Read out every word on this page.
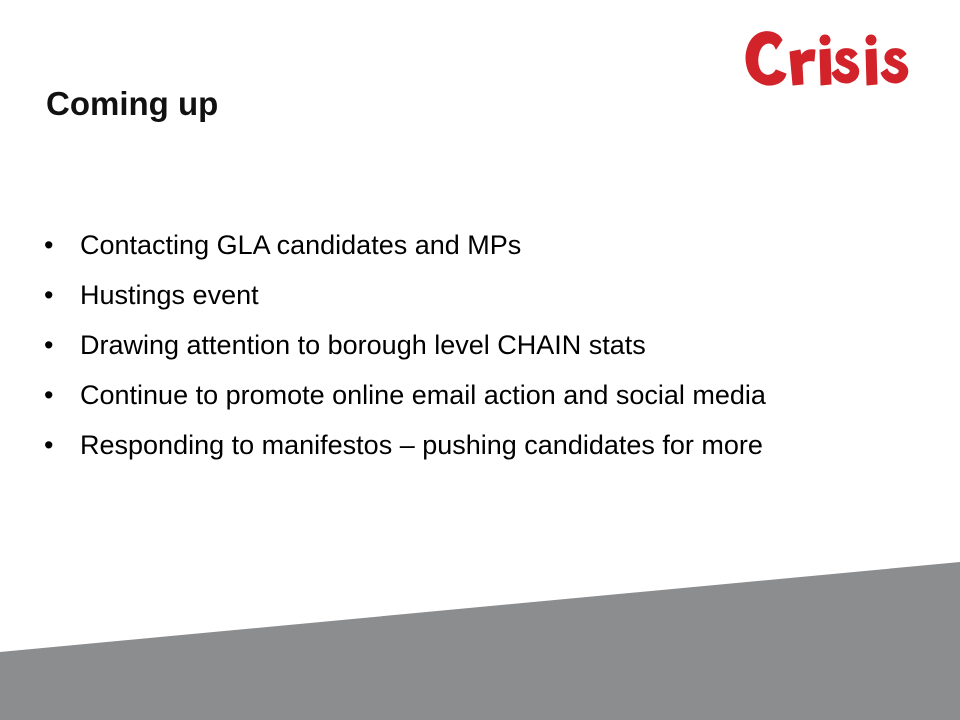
Coming up
• Contacting GLA candidates and MPs
• Hustings event
• Drawing attention to borough level CHAIN stats
• Continue to promote online email action and social media
• Responding to manifestos – pushing candidates for more
